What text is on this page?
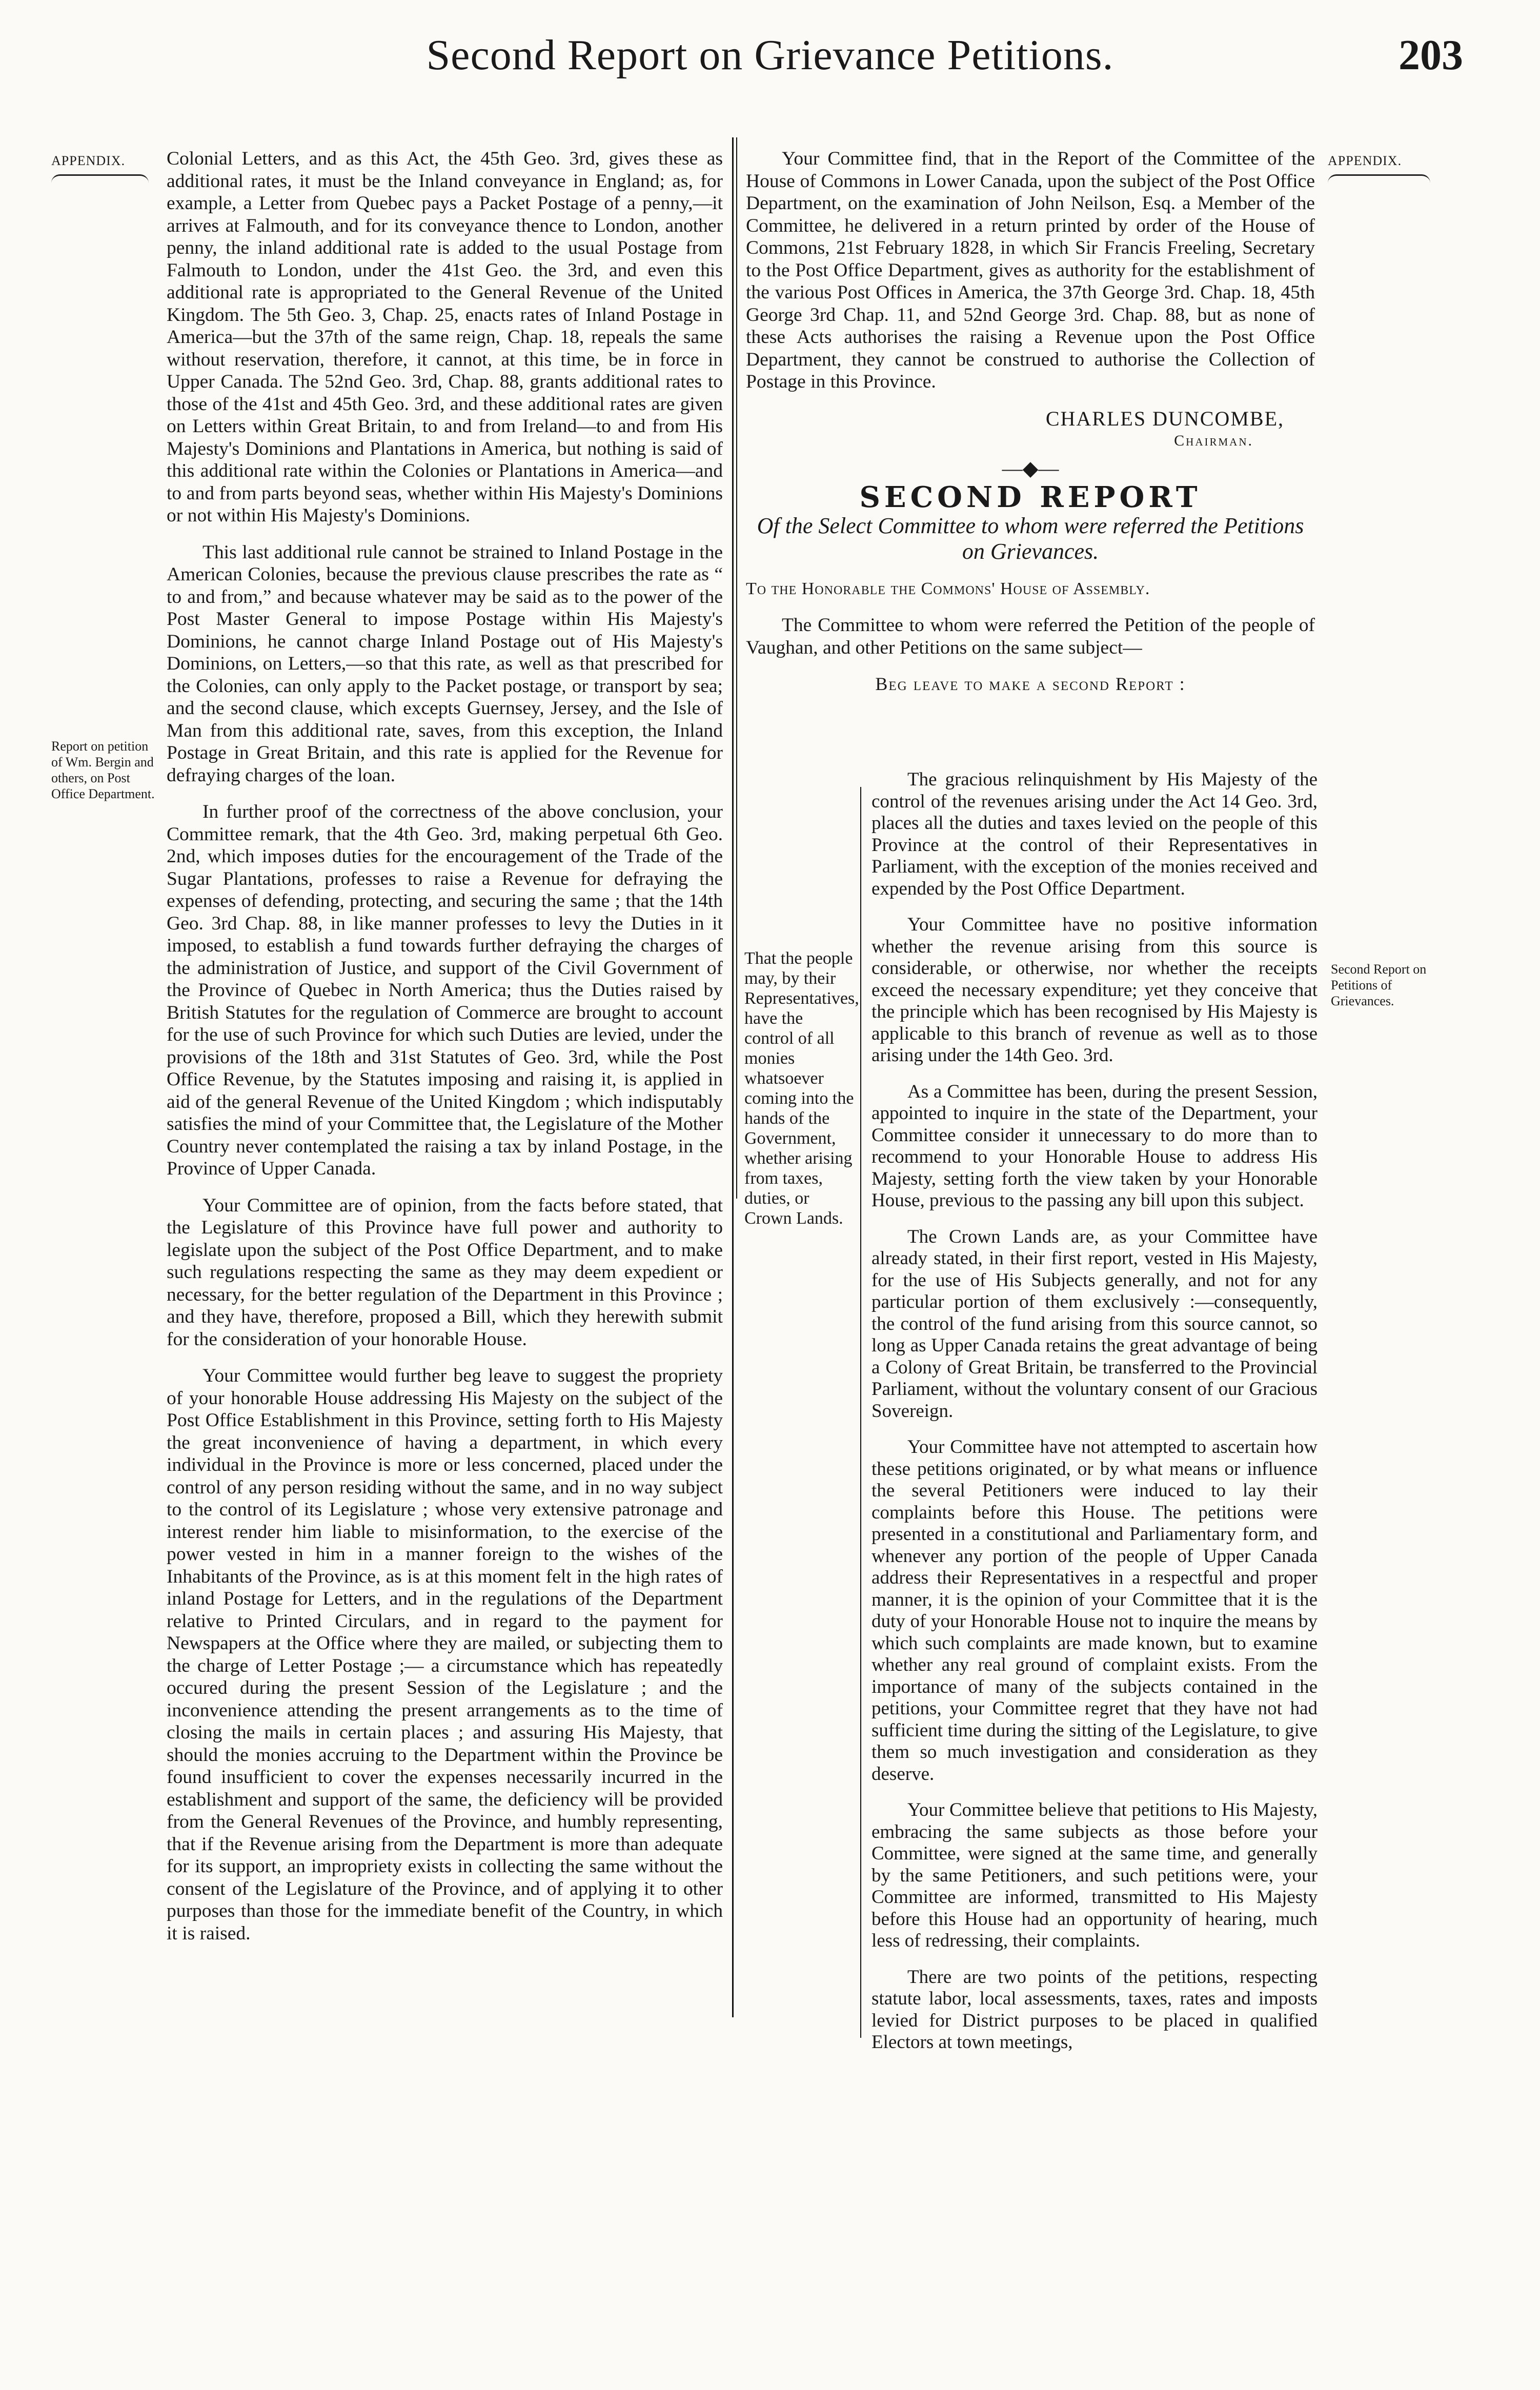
Second Report on Grievance Petitions.	203
APPENDIX.	APPENDIX.
Report on petition of Wm. Bergin and others, on Post Office Department.
Second Report on Petitions of Grievances.
That the people may, by their Representatives, have the control of all monies whatsoever coming into the hands of the Government, whether arising from taxes, duties, or Crown Lands.

Colonial Letters, and as this Act, the 45th Geo. 3rd, gives these as additional rates, it must be the Inland conveyance in England; as, for example, a Letter from Quebec pays a Packet Postage of a penny,—it arrives at Falmouth, and for its conveyance thence to London, another penny, the inland additional rate is added to the usual Postage from Falmouth to London, under the 41st Geo. the 3rd, and even this additional rate is appropriated to the General Revenue of the United Kingdom. The 5th Geo. 3, Chap. 25, enacts rates of Inland Postage in America—but the 37th of the same reign, Chap. 18, repeals the same without reservation, therefore, it cannot, at this time, be in force in Upper Canada. The 52nd Geo. 3rd, Chap. 88, grants additional rates to those of the 41st and 45th Geo. 3rd, and these additional rates are given on Letters within Great Britain, to and from Ireland—to and from His Majesty's Dominions and Plantations in America, but nothing is said of this additional rate within the Colonies or Plantations in America—and to and from parts beyond seas, whether within His Majesty's Dominions or not within His Majesty's Dominions.

This last additional rule cannot be strained to Inland Postage in the American Colonies, because the previous clause prescribes the rate as “ to and from,” and because whatever may be said as to the power of the Post Master General to impose Postage within His Majesty's Dominions, he cannot charge Inland Postage out of His Majesty's Dominions, on Letters,—so that this rate, as well as that prescribed for the Colonies, can only apply to the Packet postage, or transport by sea; and the second clause, which excepts Guernsey, Jersey, and the Isle of Man from this additional rate, saves, from this exception, the Inland Postage in Great Britain, and this rate is applied for the Revenue for defraying charges of the loan.

In further proof of the correctness of the above conclusion, your Committee remark, that the 4th Geo. 3rd, making perpetual 6th Geo. 2nd, which imposes duties for the encouragement of the Trade of the Sugar Plantations, professes to raise a Revenue for defraying the expenses of defending, protecting, and securing the same ; that the 14th Geo. 3rd Chap. 88, in like manner professes to levy the Duties in it imposed, to establish a fund towards further defraying the charges of the administration of Justice, and support of the Civil Government of the Province of Quebec in North America; thus the Duties raised by British Statutes for the regulation of Commerce are brought to account for the use of such Province for which such Duties are levied, under the provisions of the 18th and 31st Statutes of Geo. 3rd, while the Post Office Revenue, by the Statutes imposing and raising it, is applied in aid of the general Revenue of the United Kingdom ; which indisputably satisfies the mind of your Committee that, the Legislature of the Mother Country never contemplated the raising a tax by inland Postage, in the Province of Upper Canada.

Your Committee are of opinion, from the facts before stated, that the Legislature of this Province have full power and authority to legislate upon the subject of the Post Office Department, and to make such regulations respecting the same as they may deem expedient or necessary, for the better regulation of the Department in this Province ; and they have, therefore, proposed a Bill, which they herewith submit for the consideration of your honorable House.

Your Committee would further beg leave to suggest the propriety of your honorable House addressing His Majesty on the subject of the Post Office Establishment in this Province, setting forth to His Majesty the great inconvenience of having a department, in which every individual in the Province is more or less concerned, placed under the control of any person residing without the same, and in no way subject to the control of its Legislature ; whose very extensive patronage and interest render him liable to misinformation, to the exercise of the power vested in him in a manner foreign to the wishes of the Inhabitants of the Province, as is at this moment felt in the high rates of inland Postage for Letters, and in the regulations of the Department relative to Printed Circulars, and in regard to the payment for Newspapers at the Office where they are mailed, or subjecting them to the charge of Letter Postage ;— a circumstance which has repeatedly occured during the present Session of the Legislature ; and the inconvenience attending the present arrangements as to the time of closing the mails in certain places ; and assuring His Majesty, that should the monies accruing to the Department within the Province be found insufficient to cover the expenses necessarily incurred in the establishment and support of the same, the deficiency will be provided from the General Revenues of the Province, and humbly representing, that if the Revenue arising from the Department is more than adequate for its support, an impropriety exists in collecting the same without the consent of the Legislature of the Province, and of applying it to other purposes than those for the immediate benefit of the Country, in which it is raised.

Your Committee find, that in the Report of the Committee of the House of Commons in Lower Canada, upon the subject of the Post Office Department, on the examination of John Neilson, Esq. a Member of the Committee, he delivered in a return printed by order of the House of Commons, 21st February 1828, in which Sir Francis Freeling, Secretary to the Post Office Department, gives as authority for the establishment of the various Post Offices in America, the 37th George 3rd. Chap. 18, 45th George 3rd Chap. 11, and 52nd George 3rd. Chap. 88, but as none of these Acts authorises the raising a Revenue upon the Post Office Department, they cannot be construed to authorise the Collection of Postage in this Province.

CHARLES DUNCOMBE,
Chairman.
—◆—
SECOND REPORT
Of the Select Committee to whom were referred the Petitions on Grievances.
To the Honorable the Commons' House of Assembly.

The Committee to whom were referred the Petition of the people of Vaughan, and other Petitions on the same subject—

Beg leave to make a second Report :

The gracious relinquishment by His Majesty of the control of the revenues arising under the Act 14 Geo. 3rd, places all the duties and taxes levied on the people of this Province at the control of their Representatives in Parliament, with the exception of the monies received and expended by the Post Office Department.

Your Committee have no positive information whether the revenue arising from this source is considerable, or otherwise, nor whether the receipts exceed the necessary expenditure; yet they conceive that the principle which has been recognised by His Majesty is applicable to this branch of revenue as well as to those arising under the 14th Geo. 3rd.

As a Committee has been, during the present Session, appointed to inquire in the state of the Department, your Committee consider it unnecessary to do more than to recommend to your Honorable House to address His Majesty, setting forth the view taken by your Honorable House, previous to the passing any bill upon this subject.

The Crown Lands are, as your Committee have already stated, in their first report, vested in His Majesty, for the use of His Subjects generally, and not for any particular portion of them exclusively :—consequently, the control of the fund arising from this source cannot, so long as Upper Canada retains the great advantage of being a Colony of Great Britain, be transferred to the Provincial Parliament, without the voluntary consent of our Gracious Sovereign.

Your Committee have not attempted to ascertain how these petitions originated, or by what means or influence the several Petitioners were induced to lay their complaints before this House. The petitions were presented in a constitutional and Parliamentary form, and whenever any portion of the people of Upper Canada address their Representatives in a respectful and proper manner, it is the opinion of your Committee that it is the duty of your Honorable House not to inquire the means by which such complaints are made known, but to examine whether any real ground of complaint exists. From the importance of many of the subjects contained in the petitions, your Committee regret that they have not had sufficient time during the sitting of the Legislature, to give them so much investigation and consideration as they deserve.

Your Committee believe that petitions to His Majesty, embracing the same subjects as those before your Committee, were signed at the same time, and generally by the same Petitioners, and such petitions were, your Committee are informed, transmitted to His Majesty before this House had an opportunity of hearing, much less of redressing, their complaints.

There are two points of the petitions, respecting statute labor, local assessments, taxes, rates and imposts levied for District purposes to be placed in qualified Electors at town meetings,
